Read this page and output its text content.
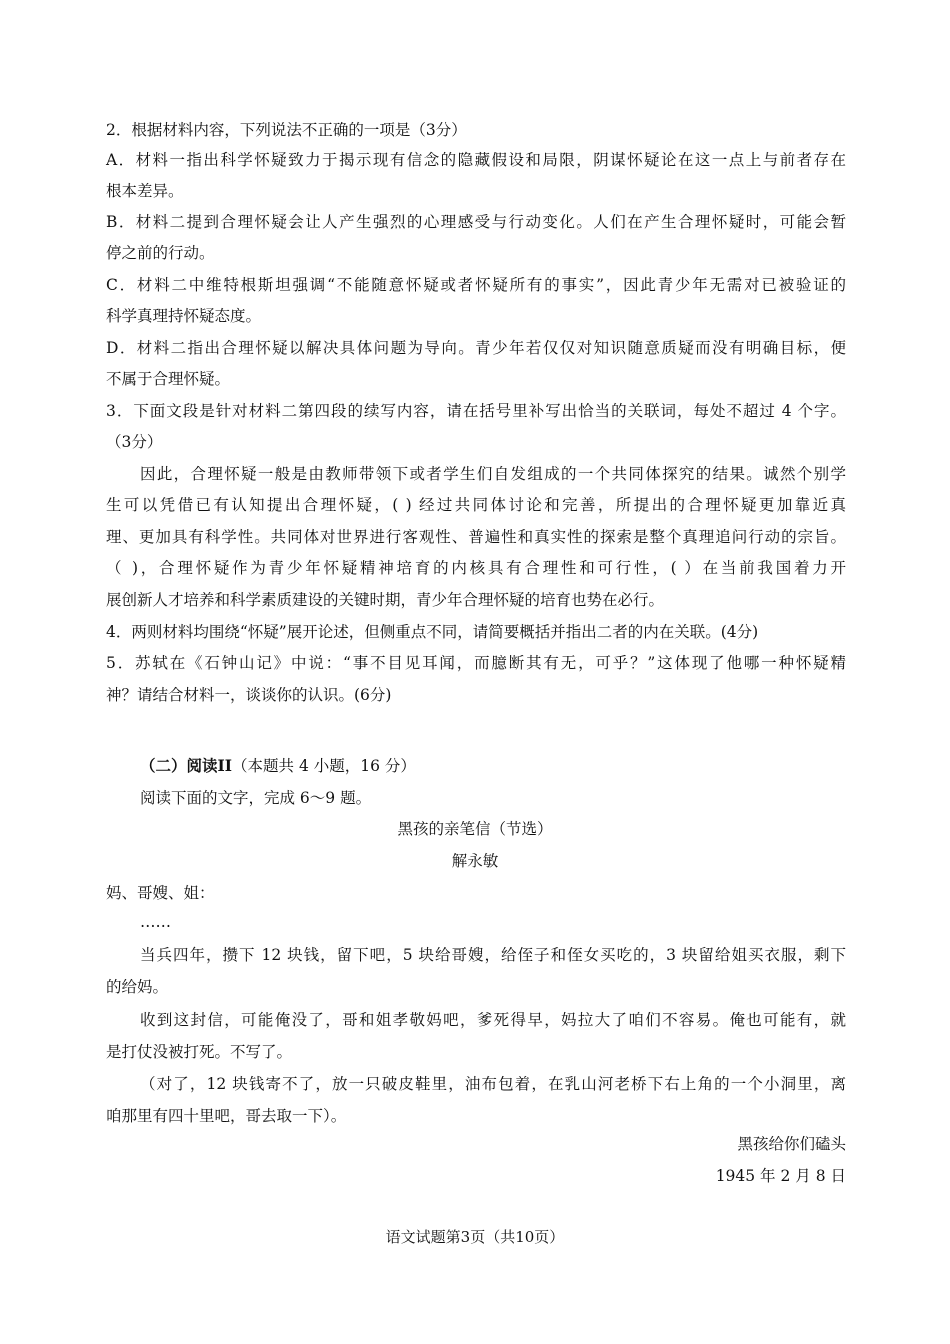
2．根据材料内容，下列说法不正确的一项是（3分）
A．材料一指出科学怀疑致力于揭示现有信念的隐藏假设和局限，阴谋怀疑论在这一点上与前者存在
根本差异。
B．材料二提到合理怀疑会让人产生强烈的心理感受与行动变化。人们在产生合理怀疑时，可能会暂
停之前的行动。
C．材料二中维特根斯坦强调“不能随意怀疑或者怀疑所有的事实”，因此青少年无需对已被验证的
科学真理持怀疑态度。
D．材料二指出合理怀疑以解决具体问题为导向。青少年若仅仅对知识随意质疑而没有明确目标，便
不属于合理怀疑。
3．下面文段是针对材料二第四段的续写内容，请在括号里补写出恰当的关联词，每处不超过 4 个字。
（3分）
因此，合理怀疑一般是由教师带领下或者学生们自发组成的一个共同体探究的结果。诚然个别学
生可以凭借已有认知提出合理怀疑，( ) 经过共同体讨论和完善，所提出的合理怀疑更加靠近真
理、更加具有科学性。共同体对世界进行客观性、普遍性和真实性的探索是整个真理追问行动的宗旨。
（ )，合理怀疑作为青少年怀疑精神培育的内核具有合理性和可行性，( ）在当前我国着力开
展创新人才培养和科学素质建设的关键时期，青少年合理怀疑的培育也势在必行。
4．两则材料均围绕“怀疑”展开论述，但侧重点不同，请简要概括并指出二者的内在关联。(4分)
5．苏轼在《石钟山记》中说：“事不目见耳闻，而臆断其有无，可乎？”这体现了他哪一种怀疑精
神？请结合材料一，谈谈你的认识。(6分)
（二）阅读II（本题共 4 小题，16 分）
阅读下面的文字，完成 6～9 题。
黑孩的亲笔信（节选）
解永敏
妈、哥嫂、姐：
……
当兵四年，攒下 12 块钱，留下吧，5 块给哥嫂，给侄子和侄女买吃的，3 块留给姐买衣服，剩下
的给妈。
收到这封信，可能俺没了，哥和姐孝敬妈吧，爹死得早，妈拉大了咱们不容易。俺也可能有，就
是打仗没被打死。不写了。
（对了，12 块钱寄不了，放一只破皮鞋里，油布包着，在乳山河老桥下右上角的一个小洞里，离
咱那里有四十里吧，哥去取一下）。
黑孩给你们磕头
1945 年 2 月 8 日
语文试题第3页（共10页）
